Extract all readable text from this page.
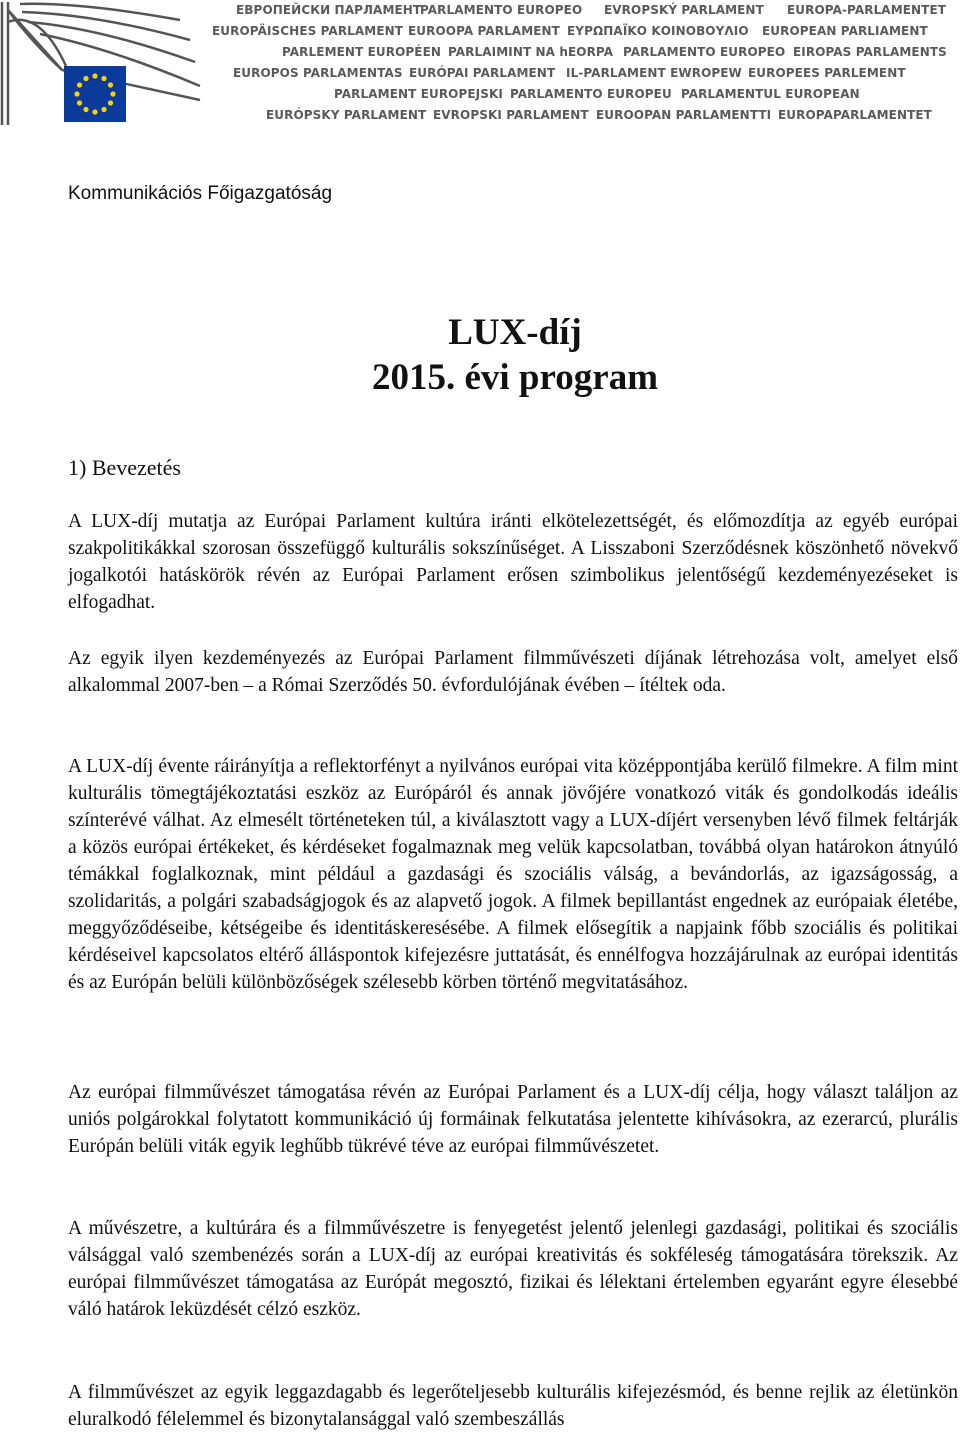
ЕВРОПЕЙСКИ ПАРЛАМЕНТ
PARLAMENTO EUROPEO EVROPSKÝ PARLAMENT EUROPA-PARLAMENTET
EUROPÄISCHES PARLAMENT EUROOPA PARLAMENT ΕΥΡΩΠΑΪΚΟ ΚΟΙΝΟΒΟΥΛΙΟ EUROPEAN PARLIAMENT
PARLEMENT EUROPÉEN PARLAIMINT NA hEORPA PARLAMENTO EUROPEO EIROPAS PARLAMENTS
EUROPOS PARLAMENTAS EURÓPAI PARLAMENT IL-PARLAMENT EWROPEW EUROPEES PARLEMENT
PARLAMENT EUROPEJSKI PARLAMENTO EUROPEU PARLAMENTUL EUROPEAN
EURÓPSKY PARLAMENT EVROPSKI PARLAMENT EUROOPAN PARLAMENTTI EUROPAPARLAMENTET
Kommunikációs Főigazgatóság
LUX-díj
2015. évi program
1) Bevezetés

A LUX-díj mutatja az Európai Parlament kultúra iránti elkötelezettségét, és előmozdítja az egyéb európai szakpolitikákkal szorosan összefüggő kulturális sokszínűséget. A Lisszaboni Szerződésnek köszönhető növekvő jogalkotói hatáskörök révén az Európai Parlament erősen szimbolikus jelentőségű kezdeményezéseket is elfogadhat.

Az egyik ilyen kezdeményezés az Európai Parlament filmművészeti díjának létrehozása volt, amelyet első alkalommal 2007-ben – a Római Szerződés 50. évfordulójának évében – ítéltek oda.

A LUX-díj évente ráirányítja a reflektorfényt a nyilvános európai vita középpontjába kerülő filmekre. A film mint kulturális tömegtájékoztatási eszköz az Európáról és annak jövőjére vonatkozó viták és gondolkodás ideális színterévé válhat. Az elmesélt történeteken túl, a kiválasztott vagy a LUX-díjért versenyben lévő filmek feltárják a közös európai értékeket, és kérdéseket fogalmaznak meg velük kapcsolatban, továbbá olyan határokon átnyúló témákkal foglalkoznak, mint például a gazdasági és szociális válság, a bevándorlás, az igazságosság, a szolidaritás, a polgári szabadságjogok és az alapvető jogok. A filmek bepillantást engednek az európaiak életébe, meggyőződéseibe, kétségeibe és identitáskeresésébe. A filmek elősegítik a napjaink főbb szociális és politikai kérdéseivel kapcsolatos eltérő álláspontok kifejezésre juttatását, és ennélfogva hozzájárulnak az európai identitás és az Európán belüli különbözőségek szélesebb körben történő megvitatásához.

Az európai filmművészet támogatása révén az Európai Parlament és a LUX-díj célja, hogy választ találjon az uniós polgárokkal folytatott kommunikáció új formáinak felkutatása jelentette kihívásokra, az ezerarcú, plurális Európán belüli viták egyik leghűbb tükrévé téve az európai filmművészetet.

A művészetre, a kultúrára és a filmművészetre is fenyegetést jelentő jelenlegi gazdasági, politikai és szociális válsággal való szembenézés során a LUX-díj az európai kreativitás és sokféleség támogatására törekszik. Az európai filmművészet támogatása az Európát megosztó, fizikai és lélektani értelemben egyaránt egyre élesebbé váló határok leküzdését célzó eszköz.

A filmművészet az egyik leggazdagabb és legerőteljesebb kulturális kifejezésmód, és benne rejlik az életünkön eluralkodó félelemmel és bizonytalansággal való szembeszállás
